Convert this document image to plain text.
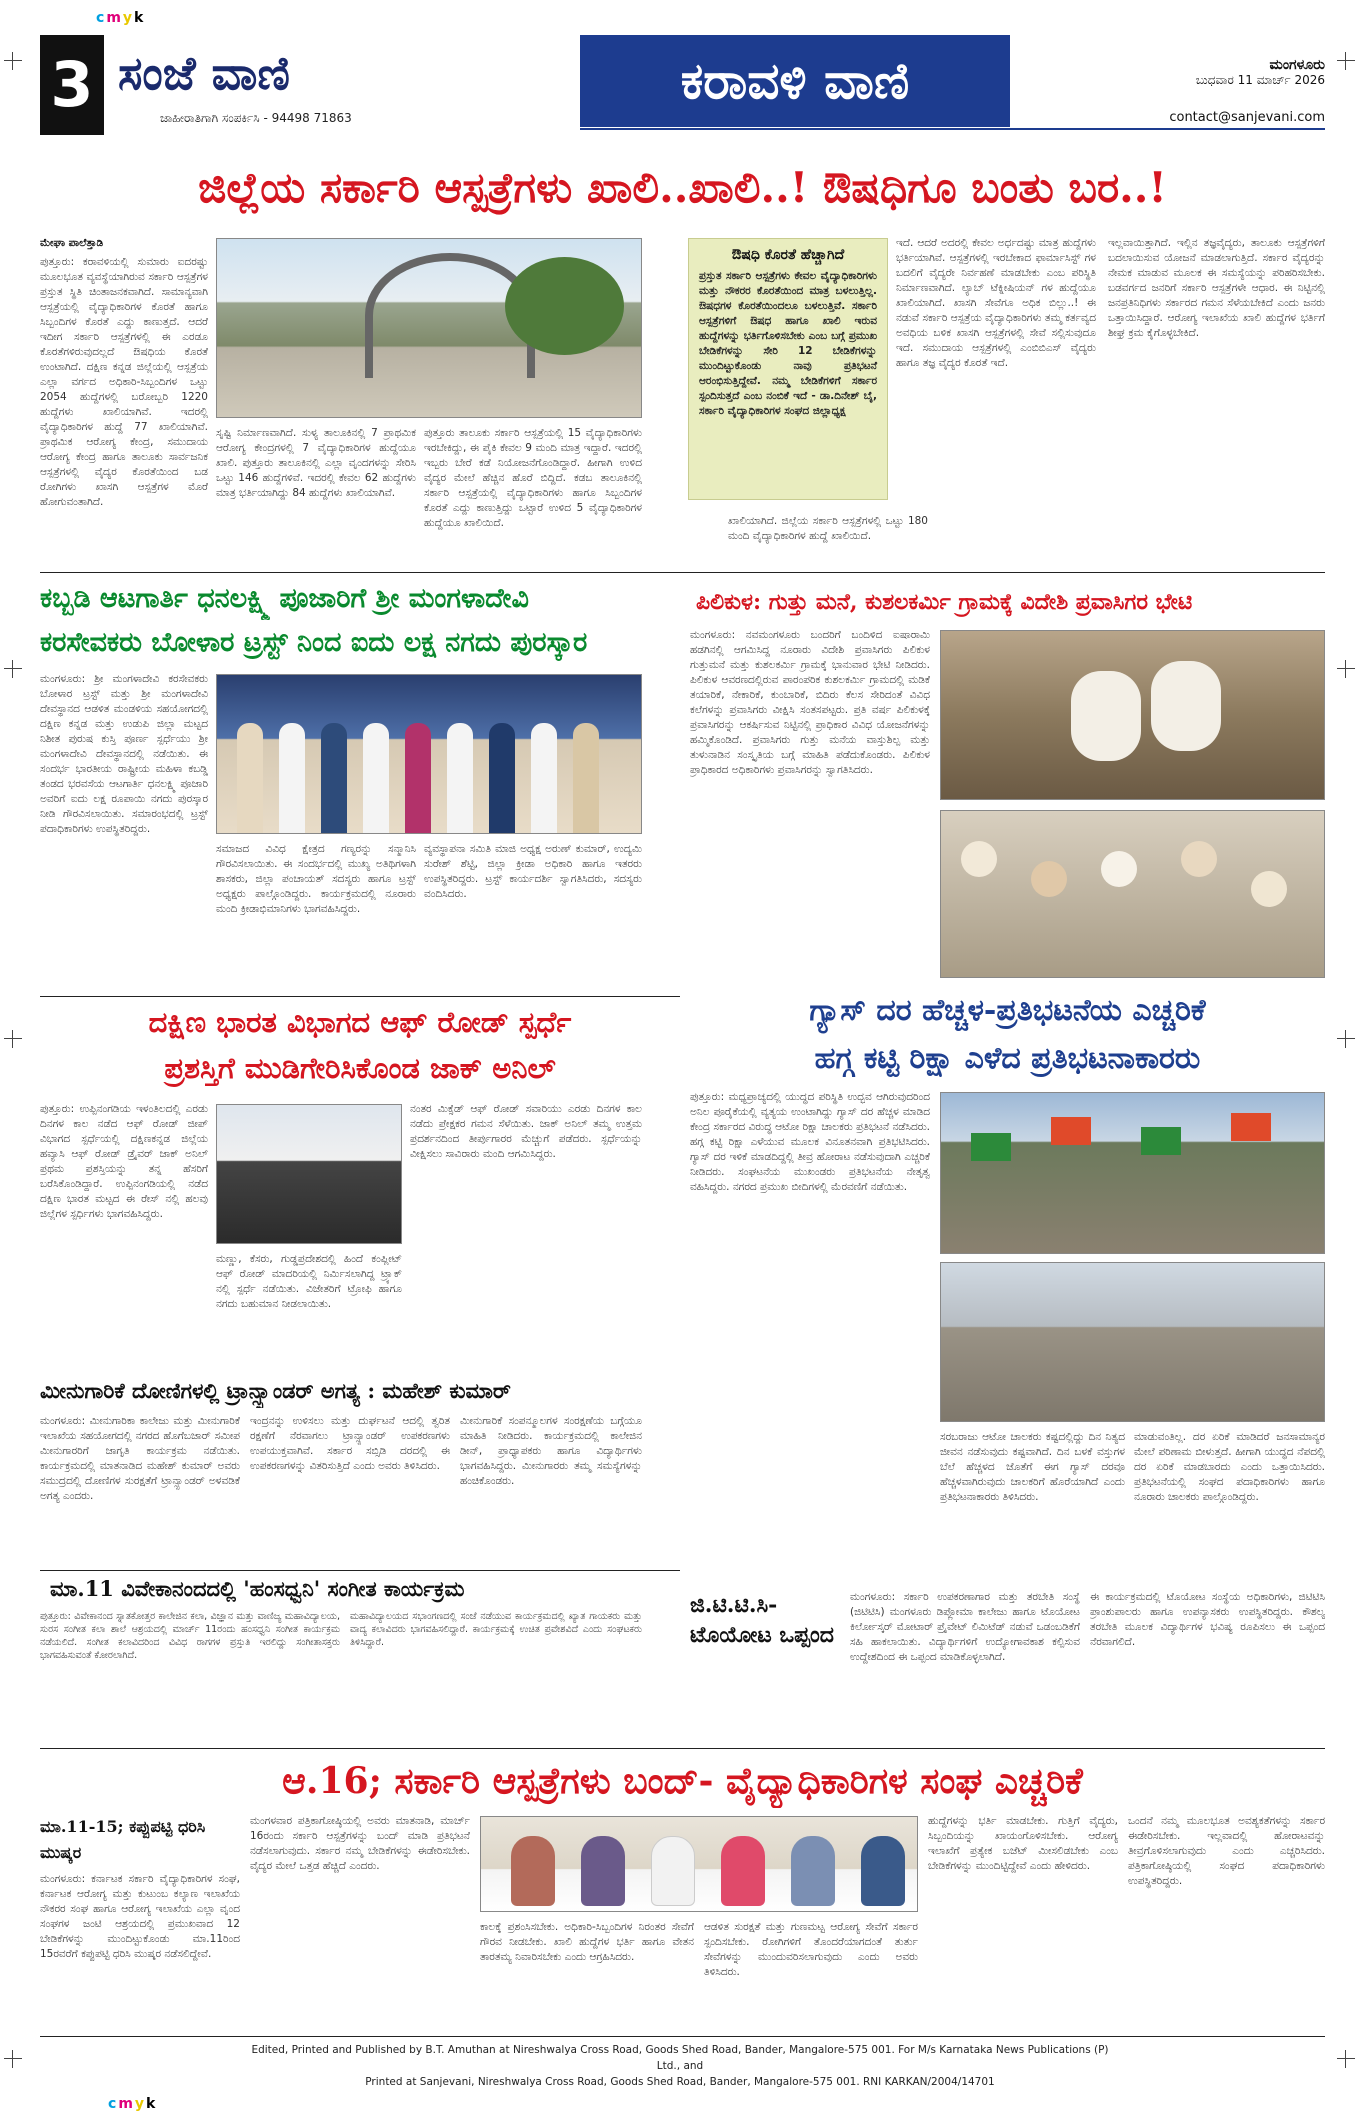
cmyk
cmyk
3 ಸಂಜೆ ವಾಣಿ
ಜಾಹೀರಾತಿಗಾಗಿ ಸಂಪರ್ಕಿಸಿ - 94498 71863
ಕರಾವಳಿ ವಾಣಿ	ಮಂಗಳೂರು
ಬುಧವಾರ 11 ಮಾರ್ಚ್ 2026
contact@sanjevani.com
ಜಿಲ್ಲೆಯ ಸರ್ಕಾರಿ ಆಸ್ಪತ್ರೆಗಳು ಖಾಲಿ..ಖಾಲಿ..! ಔಷಧಿಗೂ ಬಂತು ಬರ..!
ಮೇಘಾ ಪಾಲೆತ್ತಾಡಿ
ಪುತ್ತೂರು: ಕರಾವಳಿಯಲ್ಲಿ ಸುಮಾರು ಐದರಷ್ಟು ಮೂಲಭೂತ ವ್ಯವಸ್ಥೆಯಾಗಿರುವ ಸರ್ಕಾರಿ ಆಸ್ಪತ್ರೆಗಳ ಪ್ರಸ್ತುತ ಸ್ಥಿತಿ ಚಿಂತಾಜನಕವಾಗಿದೆ. ಸಾಮಾನ್ಯವಾಗಿ ಆಸ್ಪತ್ರೆಯಲ್ಲಿ ವೈದ್ಯಾಧಿಕಾರಿಗಳ ಕೊರತೆ ಹಾಗೂ ಸಿಬ್ಬಂದಿಗಳ ಕೊರತೆ ಎದ್ದು ಕಾಣುತ್ತದೆ. ಆದರೆ ಇದೀಗ ಸರ್ಕಾರಿ ಆಸ್ಪತ್ರೆಗಳಲ್ಲಿ ಈ ಎರಡೂ ಕೊರತೆಗಳಿರುವುದಲ್ಲದೆ ಔಷಧಿಯ ಕೊರತೆ ಉಂಟಾಗಿದೆ. ದಕ್ಷಿಣ ಕನ್ನಡ ಜಿಲ್ಲೆಯಲ್ಲಿ ಆಸ್ಪತ್ರೆಯ ಎಲ್ಲಾ ವರ್ಗದ ಅಧಿಕಾರಿ-ಸಿಬ್ಬಂದಿಗಳ ಒಟ್ಟು 2054 ಹುದ್ದೆಗಳಲ್ಲಿ ಬರೋಬ್ಬರಿ 1220 ಹುದ್ದೆಗಳು ಖಾಲಿಯಾಗಿವೆ. ಇದರಲ್ಲಿ ವೈದ್ಯಾಧಿಕಾರಿಗಳ ಹುದ್ದೆ 77 ಖಾಲಿಯಾಗಿವೆ. ಪ್ರಾಥಮಿಕ ಆರೋಗ್ಯ ಕೇಂದ್ರ, ಸಮುದಾಯ ಆರೋಗ್ಯ ಕೇಂದ್ರ ಹಾಗೂ ತಾಲೂಕು ಸಾರ್ವಜನಿಕ ಆಸ್ಪತ್ರೆಗಳಲ್ಲಿ ವೈದ್ಯರ ಕೊರತೆಯಿಂದ ಬಡ ರೋಗಿಗಳು ಖಾಸಗಿ ಆಸ್ಪತ್ರೆಗಳ ಮೊರೆ ಹೋಗುವಂತಾಗಿದೆ.
ಸೃಷ್ಟಿ ನಿರ್ಮಾಣವಾಗಿದೆ. ಸುಳ್ಯ ತಾಲೂಕಿನಲ್ಲಿ 7 ಪ್ರಾಥಮಿಕ ಆರೋಗ್ಯ ಕೇಂದ್ರಗಳಲ್ಲಿ 7 ವೈದ್ಯಾಧಿಕಾರಿಗಳ ಹುದ್ದೆಯೂ ಖಾಲಿ. ಪುತ್ತೂರು ತಾಲೂಕಿನಲ್ಲಿ ಎಲ್ಲಾ ವೃಂದಗಳನ್ನು ಸೇರಿಸಿ ಒಟ್ಟು 146 ಹುದ್ದೆಗಳಿವೆ. ಇದರಲ್ಲಿ ಕೇವಲ 62 ಹುದ್ದೆಗಳು ಮಾತ್ರ ಭರ್ತಿಯಾಗಿದ್ದು 84 ಹುದ್ದೆಗಳು ಖಾಲಿಯಾಗಿವೆ.
ಪುತ್ತೂರು ತಾಲೂಕು ಸರ್ಕಾರಿ ಆಸ್ಪತ್ರೆಯಲ್ಲಿ 15 ವೈದ್ಯಾಧಿಕಾರಿಗಳು ಇರಬೇಕಿದ್ದು, ಈ ಪೈಕಿ ಕೇವಲ 9 ಮಂದಿ ಮಾತ್ರ ಇದ್ದಾರೆ. ಇದರಲ್ಲಿ ಇಬ್ಬರು ಬೇರೆ ಕಡೆ ನಿಯೋಜನೆಗೊಂಡಿದ್ದಾರೆ. ಹೀಗಾಗಿ ಉಳಿದ ವೈದ್ಯರ ಮೇಲೆ ಹೆಚ್ಚಿನ ಹೊರೆ ಬಿದ್ದಿದೆ. ಕಡಬ ತಾಲೂಕಿನಲ್ಲಿ ಸರ್ಕಾರಿ ಆಸ್ಪತ್ರೆಯಲ್ಲಿ ವೈದ್ಯಾಧಿಕಾರಿಗಳು ಹಾಗೂ ಸಿಬ್ಬಂದಿಗಳ ಕೊರತೆ ಎದ್ದು ಕಾಣುತ್ತಿದ್ದು ಒಟ್ಟಾರೆ ಉಳಿದ 5 ವೈದ್ಯಾಧಿಕಾರಿಗಳ ಹುದ್ದೆಯೂ ಖಾಲಿಯಿದೆ.	ಖಾಲಿಯಾಗಿದೆ. ಜಿಲ್ಲೆಯ ಸರ್ಕಾರಿ ಆಸ್ಪತ್ರೆಗಳಲ್ಲಿ ಒಟ್ಟು 180 ಮಂದಿ ವೈದ್ಯಾಧಿಕಾರಿಗಳ ಹುದ್ದೆ ಖಾಲಿಯಿದೆ.
ಔಷಧಿ ಕೊರತೆ ಹೆಚ್ಚಾಗಿದೆ
ಪ್ರಸ್ತುತ ಸರ್ಕಾರಿ ಆಸ್ಪತ್ರೆಗಳು ಕೇವಲ ವೈದ್ಯಾಧಿಕಾರಿಗಳು ಮತ್ತು ನೌಕರರ ಕೊರತೆಯಿಂದ ಮಾತ್ರ ಬಳಲುತ್ತಿಲ್ಲ. ಔಷಧಗಳ ಕೊರತೆಯಿಂದಲೂ ಬಳಲುತ್ತಿವೆ. ಸರ್ಕಾರಿ ಆಸ್ಪತ್ರೆಗಳಿಗೆ ಔಷಧ ಹಾಗೂ ಖಾಲಿ ಇರುವ ಹುದ್ದೆಗಳನ್ನು ಭರ್ತಿಗೊಳಿಸಬೇಕು ಎಂಬ ಬಗ್ಗೆ ಪ್ರಮುಖ ಬೇಡಿಕೆಗಳನ್ನು ಸೇರಿ 12 ಬೇಡಿಕೆಗಳನ್ನು ಮುಂದಿಟ್ಟುಕೊಂಡು ನಾವು ಪ್ರತಿಭಟನೆ ಆರಂಭಿಸುತ್ತಿದ್ದೇವೆ. ನಮ್ಮ ಬೇಡಿಕೆಗಳಿಗೆ ಸರ್ಕಾರ ಸ್ಪಂದಿಸುತ್ತದೆ ಎಂಬ ನಂಬಿಕೆ ಇದೆ - ಡಾ.ದಿನೇಶ್ ಬೈ, ಸರ್ಕಾರಿ ವೈದ್ಯಾಧಿಕಾರಿಗಳ ಸಂಘದ ಜಿಲ್ಲಾಧ್ಯಕ್ಷ
ಇದೆ. ಆದರೆ ಅದರಲ್ಲಿ ಕೇವಲ ಅರ್ಧದಷ್ಟು ಮಾತ್ರ ಹುದ್ದೆಗಳು ಭರ್ತಿಯಾಗಿವೆ. ಆಸ್ಪತ್ರೆಗಳಲ್ಲಿ ಇರಬೇಕಾದ ಫಾರ್ಮಾಸಿಸ್ಟ್ ಗಳ ಬದಲಿಗೆ ವೈದ್ಯರೇ ನಿರ್ವಹಣೆ ಮಾಡಬೇಕು ಎಂಬ ಪರಿಸ್ಥಿತಿ ನಿರ್ಮಾಣವಾಗಿದೆ. ಲ್ಯಾಬ್ ಟೆಕ್ನೀಷಿಯನ್ ಗಳ ಹುದ್ದೆಯೂ ಖಾಲಿಯಾಗಿದೆ. ಖಾಸಗಿ ಸೇವೆಗೂ ಅಧಿಕ ಬಿಲ್ಲು..! ಈ ನಡುವೆ ಸರ್ಕಾರಿ ಆಸ್ಪತ್ರೆಯ ವೈದ್ಯಾಧಿಕಾರಿಗಳು ತಮ್ಮ ಕರ್ತವ್ಯದ ಅವಧಿಯ ಬಳಿಕ ಖಾಸಗಿ ಆಸ್ಪತ್ರೆಗಳಲ್ಲಿ ಸೇವೆ ಸಲ್ಲಿಸುವುದೂ ಇದೆ. ಸಮುದಾಯ ಆಸ್ಪತ್ರೆಗಳಲ್ಲಿ ಎಂಬಿಬಿಎಸ್ ವೈದ್ಯರು ಹಾಗೂ ತಜ್ಞ ವೈದ್ಯರ ಕೊರತೆ ಇದೆ.
ಇಲ್ಲವಾಯಿತ್ತಾಗಿದೆ. ಇಲ್ಲಿನ ತಜ್ಞವೈದ್ಯರು, ತಾಲೂಕು ಆಸ್ಪತ್ರೆಗಳಿಗೆ ಬದಲಾಯಿಸುವ ಯೋಜನೆ ಮಾಡಲಾಗುತ್ತಿದೆ. ಸರ್ಕಾರ ವೈದ್ಯರನ್ನು ನೇಮಕ ಮಾಡುವ ಮೂಲಕ ಈ ಸಮಸ್ಯೆಯನ್ನು ಪರಿಹರಿಸಬೇಕು. ಬಡವರ್ಗದ ಜನರಿಗೆ ಸರ್ಕಾರಿ ಆಸ್ಪತ್ರೆಗಳೇ ಆಧಾರ. ಈ ನಿಟ್ಟಿನಲ್ಲಿ ಜನಪ್ರತಿನಿಧಿಗಳು ಸರ್ಕಾರದ ಗಮನ ಸೆಳೆಯಬೇಕಿದೆ ಎಂದು ಜನರು ಒತ್ತಾಯಿಸಿದ್ದಾರೆ. ಆರೋಗ್ಯ ಇಲಾಖೆಯ ಖಾಲಿ ಹುದ್ದೆಗಳ ಭರ್ತಿಗೆ ಶೀಘ್ರ ಕ್ರಮ ಕೈಗೊಳ್ಳಬೇಕಿದೆ.
ಕಬ್ಬಡಿ ಆಟಗಾರ್ತಿ ಧನಲಕ್ಷ್ಮಿ ಪೂಜಾರಿಗೆ ಶ್ರೀ ಮಂಗಳಾದೇವಿ
ಕರಸೇವಕರು ಬೋಳಾರ ಟ್ರಸ್ಟ್ ನಿಂದ ಐದು ಲಕ್ಷ ನಗದು ಪುರಸ್ಕಾರ
ಮಂಗಳೂರು: ಶ್ರೀ ಮಂಗಳಾದೇವಿ ಕರಸೇವಕರು ಬೋಳಾರ ಟ್ರಸ್ಟ್ ಮತ್ತು ಶ್ರೀ ಮಂಗಳಾದೇವಿ ದೇವಸ್ಥಾನದ ಆಡಳಿತ ಮಂಡಳಿಯ ಸಹಯೋಗದಲ್ಲಿ ದಕ್ಷಿಣ ಕನ್ನಡ ಮತ್ತು ಉಡುಪಿ ಜಿಲ್ಲಾ ಮಟ್ಟದ ನಿಶೀತ ಪುರುಷ ಕುಸ್ತಿ ಪೂರ್ಣ ಸ್ಪರ್ಧೆಯು ಶ್ರೀ ಮಂಗಳಾದೇವಿ ದೇವಸ್ಥಾನದಲ್ಲಿ ನಡೆಯಿತು. ಈ ಸಂದರ್ಭ ಭಾರತೀಯ ರಾಷ್ಟ್ರೀಯ ಮಹಿಳಾ ಕಬಡ್ಡಿ ತಂಡದ ಭರವಸೆಯ ಆಟಗಾರ್ತಿ ಧನಲಕ್ಷ್ಮಿ ಪೂಜಾರಿ ಅವರಿಗೆ ಐದು ಲಕ್ಷ ರೂಪಾಯಿ ನಗದು ಪುರಸ್ಕಾರ ನೀಡಿ ಗೌರವಿಸಲಾಯಿತು. ಸಮಾರಂಭದಲ್ಲಿ ಟ್ರಸ್ಟ್ ಪದಾಧಿಕಾರಿಗಳು ಉಪಸ್ಥಿತರಿದ್ದರು.
ಸಮಾಜದ ವಿವಿಧ ಕ್ಷೇತ್ರದ ಗಣ್ಯರನ್ನು ಸನ್ಮಾನಿಸಿ ಗೌರವಿಸಲಾಯಿತು. ಈ ಸಂದರ್ಭದಲ್ಲಿ ಮುಖ್ಯ ಅತಿಥಿಗಳಾಗಿ ಶಾಸಕರು, ಜಿಲ್ಲಾ ಪಂಚಾಯತ್ ಸದಸ್ಯರು ಹಾಗೂ ಟ್ರಸ್ಟ್ ಅಧ್ಯಕ್ಷರು ಪಾಲ್ಗೊಂಡಿದ್ದರು. ಕಾರ್ಯಕ್ರಮದಲ್ಲಿ ನೂರಾರು ಮಂದಿ ಕ್ರೀಡಾಭಿಮಾನಿಗಳು ಭಾಗವಹಿಸಿದ್ದರು.
ವ್ಯವಸ್ಥಾಪನಾ ಸಮಿತಿ ಮಾಜಿ ಅಧ್ಯಕ್ಷ ಅರುಣ್ ಕುಮಾರ್, ಉದ್ಯಮಿ ಸುರೇಶ್ ಶೆಟ್ಟಿ, ಜಿಲ್ಲಾ ಕ್ರೀಡಾ ಅಧಿಕಾರಿ ಹಾಗೂ ಇತರರು ಉಪಸ್ಥಿತರಿದ್ದರು. ಟ್ರಸ್ಟ್ ಕಾರ್ಯದರ್ಶಿ ಸ್ವಾಗತಿಸಿದರು, ಸದಸ್ಯರು ವಂದಿಸಿದರು.
ಪಿಲಿಕುಳ: ಗುತ್ತು ಮನೆ, ಕುಶಲಕರ್ಮಿ ಗ್ರಾಮಕ್ಕೆ ವಿದೇಶಿ ಪ್ರವಾಸಿಗರ ಭೇಟಿ
ಮಂಗಳೂರು: ನವಮಂಗಳೂರು ಬಂದರಿಗೆ ಬಂದಿಳಿದ ಐಷಾರಾಮಿ ಹಡಗಿನಲ್ಲಿ ಆಗಮಿಸಿದ್ದ ನೂರಾರು ವಿದೇಶಿ ಪ್ರವಾಸಿಗರು ಪಿಲಿಕುಳ ಗುತ್ತುಮನೆ ಮತ್ತು ಕುಶಲಕರ್ಮಿ ಗ್ರಾಮಕ್ಕೆ ಭಾನುವಾರ ಭೇಟಿ ನೀಡಿದರು. ಪಿಲಿಕುಳ ಆವರಣದಲ್ಲಿರುವ ಪಾರಂಪರಿಕ ಕುಶಲಕರ್ಮಿ ಗ್ರಾಮದಲ್ಲಿ ಮಡಿಕೆ ತಯಾರಿಕೆ, ನೇಕಾರಿಕೆ, ಕುಂಬಾರಿಕೆ, ಬಿದಿರು ಕೆಲಸ ಸೇರಿದಂತೆ ವಿವಿಧ ಕಲೆಗಳನ್ನು ಪ್ರವಾಸಿಗರು ವೀಕ್ಷಿಸಿ ಸಂತಸಪಟ್ಟರು. ಪ್ರತಿ ವರ್ಷ ಪಿಲಿಕುಳಕ್ಕೆ ಪ್ರವಾಸಿಗರನ್ನು ಆಕರ್ಷಿಸುವ ನಿಟ್ಟಿನಲ್ಲಿ ಪ್ರಾಧಿಕಾರ ವಿವಿಧ ಯೋಜನೆಗಳನ್ನು ಹಮ್ಮಿಕೊಂಡಿದೆ. ಪ್ರವಾಸಿಗರು ಗುತ್ತು ಮನೆಯ ವಾಸ್ತುಶಿಲ್ಪ ಮತ್ತು ತುಳುನಾಡಿನ ಸಂಸ್ಕೃತಿಯ ಬಗ್ಗೆ ಮಾಹಿತಿ ಪಡೆದುಕೊಂಡರು. ಪಿಲಿಕುಳ ಪ್ರಾಧಿಕಾರದ ಅಧಿಕಾರಿಗಳು ಪ್ರವಾಸಿಗರನ್ನು ಸ್ವಾಗತಿಸಿದರು.
ದಕ್ಷಿಣ ಭಾರತ ವಿಭಾಗದ ಆಫ್ ರೋಡ್ ಸ್ಪರ್ಧೆ
ಪ್ರಶಸ್ತಿಗೆ ಮುಡಿಗೇರಿಸಿಕೊಂಡ ಜಾಕ್ ಅನಿಲ್
ಪುತ್ತೂರು: ಉಪ್ಪಿನಂಗಡಿಯ ಇಳಂತಿಲದಲ್ಲಿ ಎರಡು ದಿನಗಳ ಕಾಲ ನಡೆದ ಆಫ್ ರೋಡ್ ಜೀಪ್ ವಿಭಾಗದ ಸ್ಪರ್ಧೆಯಲ್ಲಿ ದಕ್ಷಿಣಕನ್ನಡ ಜಿಲ್ಲೆಯ ಹವ್ಯಾಸಿ ಆಫ್ ರೋಡ್ ಡ್ರೈವರ್ ಜಾಕ್ ಅನಿಲ್ ಪ್ರಥಮ ಪ್ರಶಸ್ತಿಯನ್ನು ತನ್ನ ಹೆಸರಿಗೆ ಬರೆಸಿಕೊಂಡಿದ್ದಾರೆ. ಉಪ್ಪಿನಂಗಡಿಯಲ್ಲಿ ನಡೆದ ದಕ್ಷಿಣ ಭಾರತ ಮಟ್ಟದ ಈ ರೇಸ್ ನಲ್ಲಿ ಹಲವು ಜಿಲ್ಲೆಗಳ ಸ್ಪರ್ಧಿಗಳು ಭಾಗವಹಿಸಿದ್ದರು.
ಮಣ್ಣು, ಕೆಸರು, ಗುಡ್ಡಪ್ರದೇಶದಲ್ಲಿ ಹಿಂದೆ ಕಂಪ್ಲೀಟ್ ಆಫ್ ರೋಡ್ ಮಾದರಿಯಲ್ಲಿ ನಿರ್ಮಿಸಲಾಗಿದ್ದ ಟ್ರ್ಯಾಕ್ ನಲ್ಲಿ ಸ್ಪರ್ಧೆ ನಡೆಯಿತು. ವಿಜೇತರಿಗೆ ಟ್ರೋಫಿ ಹಾಗೂ ನಗದು ಬಹುಮಾನ ನೀಡಲಾಯಿತು.
ನಂತರ ಮಿಕ್ಸೆಡ್ ಆಫ್ ರೋಡ್ ಸವಾರಿಯು ಎರಡು ದಿನಗಳ ಕಾಲ ನಡೆದು ಪ್ರೇಕ್ಷಕರ ಗಮನ ಸೆಳೆಯಿತು. ಜಾಕ್ ಅನಿಲ್ ತಮ್ಮ ಉತ್ತಮ ಪ್ರದರ್ಶನದಿಂದ ತೀರ್ಪುಗಾರರ ಮೆಚ್ಚುಗೆ ಪಡೆದರು. ಸ್ಪರ್ಧೆಯನ್ನು ವೀಕ್ಷಿಸಲು ಸಾವಿರಾರು ಮಂದಿ ಆಗಮಿಸಿದ್ದರು.
ಮೀನುಗಾರಿಕೆ ದೋಣಿಗಳಲ್ಲಿ ಟ್ರಾನ್ಸ್ಪಾಂಡರ್ ಅಗತ್ಯ : ಮಹೇಶ್ ಕುಮಾರ್
ಮಂಗಳೂರು: ಮೀನುಗಾರಿಕಾ ಕಾಲೇಜು ಮತ್ತು ಮೀನುಗಾರಿಕೆ ಇಲಾಖೆಯ ಸಹಯೋಗದಲ್ಲಿ ನಗರದ ಹೊಗೆಬಜಾರ್ ಸಮೀಪ ಮೀನುಗಾರರಿಗೆ ಜಾಗೃತಿ ಕಾರ್ಯಕ್ರಮ ನಡೆಯಿತು. ಕಾರ್ಯಕ್ರಮದಲ್ಲಿ ಮಾತನಾಡಿದ ಮಹೇಶ್ ಕುಮಾರ್ ಅವರು ಸಮುದ್ರದಲ್ಲಿ ದೋಣಿಗಳ ಸುರಕ್ಷತೆಗೆ ಟ್ರಾನ್ಸ್ಪಾಂಡರ್ ಅಳವಡಿಕೆ ಅಗತ್ಯ ಎಂದರು.
ಇಂದ್ರನನ್ನು ಉಳಿಸಲು ಮತ್ತು ದುರ್ಘಟನೆ ಆದಲ್ಲಿ ತ್ವರಿತ ರಕ್ಷಣೆಗೆ ನೆರವಾಗಲು ಟ್ರಾನ್ಸ್ಪಾಂಡರ್ ಉಪಕರಣಗಳು ಉಪಯುಕ್ತವಾಗಿವೆ. ಸರ್ಕಾರ ಸಬ್ಸಿಡಿ ದರದಲ್ಲಿ ಈ ಉಪಕರಣಗಳನ್ನು ವಿತರಿಸುತ್ತಿದೆ ಎಂದು ಅವರು ತಿಳಿಸಿದರು.
ಮೀನುಗಾರಿಕೆ ಸಂಪನ್ಮೂಲಗಳ ಸಂರಕ್ಷಣೆಯ ಬಗ್ಗೆಯೂ ಮಾಹಿತಿ ನೀಡಿದರು. ಕಾರ್ಯಕ್ರಮದಲ್ಲಿ ಕಾಲೇಜಿನ ಡೀನ್, ಪ್ರಾಧ್ಯಾಪಕರು ಹಾಗೂ ವಿದ್ಯಾರ್ಥಿಗಳು ಭಾಗವಹಿಸಿದ್ದರು. ಮೀನುಗಾರರು ತಮ್ಮ ಸಮಸ್ಯೆಗಳನ್ನು ಹಂಚಿಕೊಂಡರು.
ಮಾ.11 ವಿವೇಕಾನಂದದಲ್ಲಿ 'ಹಂಸಧ್ವನಿ' ಸಂಗೀತ ಕಾರ್ಯಕ್ರಮ
ಪುತ್ತೂರು: ವಿವೇಕಾನಂದ ಸ್ನಾತಕೋತ್ತರ ಕಾಲೇಜಿನ ಕಲಾ, ವಿಜ್ಞಾನ ಮತ್ತು ವಾಣಿಜ್ಯ ಮಹಾವಿದ್ಯಾಲಯ, ಸುರಸ ಸಂಗೀತ ಕಲಾ ಶಾಲೆ ಆಶ್ರಯದಲ್ಲಿ ಮಾರ್ಚ್ 11ರಂದು ಹಂಸಧ್ವನಿ ಸಂಗೀತ ಕಾರ್ಯಕ್ರಮ ನಡೆಯಲಿದೆ. ಸಂಗೀತ ಕಲಾವಿದರಿಂದ ವಿವಿಧ ರಾಗಗಳ ಪ್ರಸ್ತುತಿ ಇರಲಿದ್ದು ಸಂಗೀತಾಸಕ್ತರು ಭಾಗವಹಿಸುವಂತೆ ಕೋರಲಾಗಿದೆ.
ಮಹಾವಿದ್ಯಾಲಯದ ಸಭಾಂಗಣದಲ್ಲಿ ಸಂಜೆ ನಡೆಯುವ ಕಾರ್ಯಕ್ರಮದಲ್ಲಿ ಖ್ಯಾತ ಗಾಯಕರು ಮತ್ತು ವಾದ್ಯ ಕಲಾವಿದರು ಭಾಗವಹಿಸಲಿದ್ದಾರೆ. ಕಾರ್ಯಕ್ರಮಕ್ಕೆ ಉಚಿತ ಪ್ರವೇಶವಿದೆ ಎಂದು ಸಂಘಟಕರು ತಿಳಿಸಿದ್ದಾರೆ.
ಗ್ಯಾಸ್ ದರ ಹೆಚ್ಚಳ-ಪ್ರತಿಭಟನೆಯ ಎಚ್ಚರಿಕೆ
ಹಗ್ಗ ಕಟ್ಟಿ ರಿಕ್ಷಾ ಎಳೆದ ಪ್ರತಿಭಟನಾಕಾರರು
ಪುತ್ತೂರು: ಮಧ್ಯಪ್ರಾಚ್ಯದಲ್ಲಿ ಯುದ್ಧದ ಪರಿಸ್ಥಿತಿ ಉದ್ಭವ ಆಗಿರುವುದರಿಂದ ಅನಿಲ ಪೂರೈಕೆಯಲ್ಲಿ ವ್ಯತ್ಯಯ ಉಂಟಾಗಿದ್ದು ಗ್ಯಾಸ್ ದರ ಹೆಚ್ಚಳ ಮಾಡಿದ ಕೇಂದ್ರ ಸರ್ಕಾರದ ವಿರುದ್ಧ ಆಟೋ ರಿಕ್ಷಾ ಚಾಲಕರು ಪ್ರತಿಭಟನೆ ನಡೆಸಿದರು. ಹಗ್ಗ ಕಟ್ಟಿ ರಿಕ್ಷಾ ಎಳೆಯುವ ಮೂಲಕ ವಿನೂತನವಾಗಿ ಪ್ರತಿಭಟಿಸಿದರು. ಗ್ಯಾಸ್ ದರ ಇಳಿಕೆ ಮಾಡದಿದ್ದಲ್ಲಿ ತೀವ್ರ ಹೋರಾಟ ನಡೆಸುವುದಾಗಿ ಎಚ್ಚರಿಕೆ ನೀಡಿದರು. ಸಂಘಟನೆಯ ಮುಖಂಡರು ಪ್ರತಿಭಟನೆಯ ನೇತೃತ್ವ ವಹಿಸಿದ್ದರು. ನಗರದ ಪ್ರಮುಖ ಬೀದಿಗಳಲ್ಲಿ ಮೆರವಣಿಗೆ ನಡೆಯಿತು.
ಸರಬರಾಜು ಆಟೋ ಚಾಲಕರು ಕಷ್ಟದಲ್ಲಿದ್ದು ದಿನ ನಿತ್ಯದ ಜೀವನ ನಡೆಸುವುದು ಕಷ್ಟವಾಗಿದೆ. ದಿನ ಬಳಕೆ ವಸ್ತುಗಳ ಬೆಲೆ ಹೆಚ್ಚಳದ ಜೊತೆಗೆ ಈಗ ಗ್ಯಾಸ್ ದರವೂ ಹೆಚ್ಚಳವಾಗಿರುವುದು ಚಾಲಕರಿಗೆ ಹೊರೆಯಾಗಿದೆ ಎಂದು ಪ್ರತಿಭಟನಾಕಾರರು ತಿಳಿಸಿದರು.
ಮಾಡುವಂತಿಲ್ಲ. ದರ ಏರಿಕೆ ಮಾಡಿದರೆ ಜನಸಾಮಾನ್ಯರ ಮೇಲೆ ಪರಿಣಾಮ ಬೀಳುತ್ತದೆ. ಹೀಗಾಗಿ ಯುದ್ಧದ ನೆಪದಲ್ಲಿ ದರ ಏರಿಕೆ ಮಾಡಬಾರದು ಎಂದು ಒತ್ತಾಯಿಸಿದರು. ಪ್ರತಿಭಟನೆಯಲ್ಲಿ ಸಂಘದ ಪದಾಧಿಕಾರಿಗಳು ಹಾಗೂ ನೂರಾರು ಚಾಲಕರು ಪಾಲ್ಗೊಂಡಿದ್ದರು.
ಜಿ.ಟಿ.ಟಿ.ಸಿ- ಟೊಯೋಟ ಒಪ್ಪಂದ
ಮಂಗಳೂರು: ಸರ್ಕಾರಿ ಉಪಕರಣಾಗಾರ ಮತ್ತು ತರಬೇತಿ ಸಂಸ್ಥೆ (ಜಿಟಿಟಿಸಿ) ಮಂಗಳೂರು ಡಿಪ್ಲೋಮಾ ಕಾಲೇಜು ಹಾಗೂ ಟೊಯೋಟ ಕಿರ್ಲೋಸ್ಕರ್ ಮೋಟಾರ್ ಪ್ರೈವೇಟ್ ಲಿಮಿಟೆಡ್ ನಡುವೆ ಒಡಂಬಡಿಕೆಗೆ ಸಹಿ ಹಾಕಲಾಯಿತು. ವಿದ್ಯಾರ್ಥಿಗಳಿಗೆ ಉದ್ಯೋಗಾವಕಾಶ ಕಲ್ಪಿಸುವ ಉದ್ದೇಶದಿಂದ ಈ ಒಪ್ಪಂದ ಮಾಡಿಕೊಳ್ಳಲಾಗಿದೆ.
ಈ ಕಾರ್ಯಕ್ರಮದಲ್ಲಿ ಟೊಯೋಟ ಸಂಸ್ಥೆಯ ಅಧಿಕಾರಿಗಳು, ಜಿಟಿಟಿಸಿ ಪ್ರಾಂಶುಪಾಲರು ಹಾಗೂ ಉಪನ್ಯಾಸಕರು ಉಪಸ್ಥಿತರಿದ್ದರು. ಕೌಶಲ್ಯ ತರಬೇತಿ ಮೂಲಕ ವಿದ್ಯಾರ್ಥಿಗಳ ಭವಿಷ್ಯ ರೂಪಿಸಲು ಈ ಒಪ್ಪಂದ ನೆರವಾಗಲಿದೆ.
ಆ.16; ಸರ್ಕಾರಿ ಆಸ್ಪತ್ರೆಗಳು ಬಂದ್- ವೈದ್ಯಾಧಿಕಾರಿಗಳ ಸಂಘ ಎಚ್ಚರಿಕೆ
ಮಾ.11-15; ಕಪ್ಪುಪಟ್ಟಿ ಧರಿಸಿ ಮುಷ್ಕರ
ಮಂಗಳೂರು: ಕರ್ನಾಟಕ ಸರ್ಕಾರಿ ವೈದ್ಯಾಧಿಕಾರಿಗಳ ಸಂಘ, ಕರ್ನಾಟಕ ಆರೋಗ್ಯ ಮತ್ತು ಕುಟುಂಬ ಕಲ್ಯಾಣ ಇಲಾಖೆಯ ನೌಕರರ ಸಂಘ ಹಾಗೂ ಆರೋಗ್ಯ ಇಲಾಖೆಯ ಎಲ್ಲಾ ವೃಂದ ಸಂಘಗಳ ಜಂಟಿ ಆಶ್ರಯದಲ್ಲಿ ಪ್ರಮುಖವಾದ 12 ಬೇಡಿಕೆಗಳನ್ನು ಮುಂದಿಟ್ಟುಕೊಂಡು ಮಾ.11ರಿಂದ 15ರವರೆಗೆ ಕಪ್ಪುಪಟ್ಟಿ ಧರಿಸಿ ಮುಷ್ಕರ ನಡೆಸಲಿದ್ದೇವೆ.
ಮಂಗಳವಾರ ಪತ್ರಿಕಾಗೋಷ್ಠಿಯಲ್ಲಿ ಅವರು ಮಾತನಾಡಿ, ಮಾರ್ಚ್ 16ರಂದು ಸರ್ಕಾರಿ ಆಸ್ಪತ್ರೆಗಳನ್ನು ಬಂದ್ ಮಾಡಿ ಪ್ರತಿಭಟನೆ ನಡೆಸಲಾಗುವುದು. ಸರ್ಕಾರ ನಮ್ಮ ಬೇಡಿಕೆಗಳನ್ನು ಈಡೇರಿಸಬೇಕು. ವೈದ್ಯರ ಮೇಲೆ ಒತ್ತಡ ಹೆಚ್ಚಿದೆ ಎಂದರು.
ಕಾಲಕ್ಕೆ ಪ್ರಶಂಸಿಸಬೇಕು. ಅಧಿಕಾರಿ-ಸಿಬ್ಬಂದಿಗಳ ನಿರಂತರ ಸೇವೆಗೆ ಗೌರವ ನೀಡಬೇಕು. ಖಾಲಿ ಹುದ್ದೆಗಳ ಭರ್ತಿ ಹಾಗೂ ವೇತನ ತಾರತಮ್ಯ ನಿವಾರಿಸಬೇಕು ಎಂದು ಆಗ್ರಹಿಸಿದರು.
ಆಡಳಿತ ಸುರಕ್ಷತೆ ಮತ್ತು ಗುಣಮಟ್ಟ ಆರೋಗ್ಯ ಸೇವೆಗೆ ಸರ್ಕಾರ ಸ್ಪಂದಿಸಬೇಕು. ರೋಗಿಗಳಿಗೆ ತೊಂದರೆಯಾಗದಂತೆ ತುರ್ತು ಸೇವೆಗಳನ್ನು ಮುಂದುವರಿಸಲಾಗುವುದು ಎಂದು ಅವರು ತಿಳಿಸಿದರು.
ಹುದ್ದೆಗಳನ್ನು ಭರ್ತಿ ಮಾಡಬೇಕು. ಗುತ್ತಿಗೆ ವೈದ್ಯರು, ಸಿಬ್ಬಂದಿಯನ್ನು ಖಾಯಂಗೊಳಿಸಬೇಕು. ಆರೋಗ್ಯ ಇಲಾಖೆಗೆ ಪ್ರತ್ಯೇಕ ಬಜೆಟ್ ಮೀಸಲಿಡಬೇಕು ಎಂಬ ಬೇಡಿಕೆಗಳನ್ನು ಮುಂದಿಟ್ಟಿದ್ದೇವೆ ಎಂದು ಹೇಳಿದರು.
ಒಂದನೆ ನಮ್ಮ ಮೂಲಭೂತ ಅವಶ್ಯಕತೆಗಳನ್ನು ಸರ್ಕಾರ ಈಡೇರಿಸಬೇಕು. ಇಲ್ಲವಾದಲ್ಲಿ ಹೋರಾಟವನ್ನು ತೀವ್ರಗೊಳಿಸಲಾಗುವುದು ಎಂದು ಎಚ್ಚರಿಸಿದರು. ಪತ್ರಿಕಾಗೋಷ್ಠಿಯಲ್ಲಿ ಸಂಘದ ಪದಾಧಿಕಾರಿಗಳು ಉಪಸ್ಥಿತರಿದ್ದರು.
Edited, Printed and Published by B.T. Amuthan at Nireshwalya Cross Road, Goods Shed Road, Bander, Mangalore-575 001. For M/s Karnataka News Publications (P) Ltd., and
Printed at Sanjevani, Nireshwalya Cross Road, Goods Shed Road, Bander, Mangalore-575 001. RNI KARKAN/2004/14701
